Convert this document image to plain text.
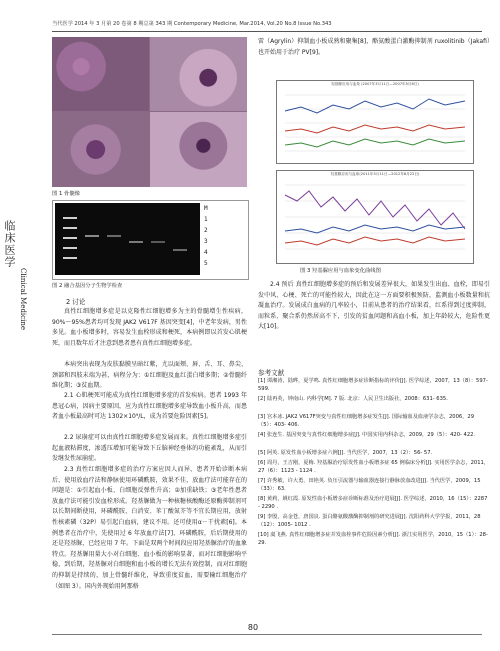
当代医学 2014 年 3 月第 20 卷第 8 期总第 343 期 Contemporary Medicine, Mar.2014, Vol.20 No.8 Issue No.343
临床医学
Clinical Medicine
图 1 骨髓像
M
1
2
3
4
5
图 2 融合基因分子生物学检查
2 讨论
真性红细胞增多症是以克隆性红细胞增多为主的骨髓增生性疾病，90%～95%患者均可发现 JAK2 V617F 基因突变[4]，中老年发病，男性多见。血小板增多时，容易发生血栓形成和梗死，本病例即以首发心肌梗死，而且数年后才注意到患者患有真性红细胞增多症。
本病突出表现为皮肤黏膜呈暗红紫，尤以面颊、唇、舌、耳、鼻尖、颈部和四肢末端为甚，病程分为：①红细胞及血红蛋白增多期；②骨髓纤维化期；③贫血期。
2.1 心肌梗死可能成为真性红细胞增多症的首发疾病。患者 1993 年患冠心病，因病主要原因，应为真性红细胞增多症导致血小板升高，而患者血小板最高时可达 1302×10⁹/L，成为首要危险因素[5]。
2.2 尿崩症可以由真性红细胞增多症发展而来。真性红细胞增多症引起血液粘滞度，渗透压增加可能导致下丘脑神经垂体的功能紊乱，从而引发继发性尿崩症。
2.3 真性红细胞增多症的治疗方案应因人而异，患者开始诊断本病后，使用放血疗法和静脉使用环磷酰胺，效果不佳，放血疗法可能存在的问题是：①引起血小板、白细胞反弹性升高；②加重缺铁；③老年性患者放血疗法可能引发血栓形成。羟基脲做为一种核糖核酸酶还原酶抑制剂可以长期间断使用，环磷酰胺、白消安、苯丁酸氮芥等不宜长期应用，放射性核素磷（32P）易引起白血病，建议不用。还可使用α－干扰素[6]。本例患者在治疗中，先使用过 6 年放血疗法[7]、环磷酰胺，后后期使用的还是羟基脲，已经应用 7 年。下面是双两个时间段应用羟基脲治疗的血象特点。羟基脲用量大小对白细胞、血小板的影响显著，而对红细胞影响平稳，到后期，羟基脲对白细胞和血小板的增长无法有效控制，而对红细胞的抑制是持续的，加上骨髓纤维化，导致重度贫血，需要输红细胞治疗（如图 3）。国内外现始用阿那格
雷（Agrylin）抑制血小板成熟和聚集[8]，酪氨酸蛋白激酶抑制剂 ruxolitinib（Jakafi）也开始用于治疗 PV[9]。
羟基脲应用与血象 (2007年3月11日—2007年5月8日)
羟基脲应用与血象(2011年5月11日—2012年8月22日)
图 3 羟基脲应用与血象变化曲线图
2.4 预后 真性红细胞增多症的预后和发展差异很大，如果发生出血、血栓，即易引发中风、心梗、死亡的可能性较大，因此在这一方面要积极预防，监测血小板数量和抗凝血治疗。发展成白血病的几率较小，目前从患者的治疗结果看，红系得到过度抑制，而粒系、聚合系仍然居高不下，引发的贫血问题和高血小板，加上年龄较大，危险性更大[10]。
参考文献
[1] 谭湘涛，陆晔，夏学鸣. 真性红细胞增多症诊断指标的评价[J]. 医学综述，2007，13（8）：597- 599.
[2] 陆再英，钟南山. 内科学[M]. 7 版. 北京：人民卫生出版社，2008：631- 635.
[3] 宫本冰. JAK2 V617F突变与真性红细胞增多症发生[J]. 国际输血及血液学杂志，2006，29（5）：403- 406.
[4] 张连生. 基因突变与真性红细胞增多症[J]. 中国实用内科杂志，2009，29（5）：420- 422.
[5] 阿英. 原发性血小板增多症六例[J]. 当代医学，2007，13（2）：56- 57.
[6] 周丹，王吉刚，夏梅. 羟基脲治疗原发性血小板增多症 65 例临床分析[J]. 实用医学杂志，2011，27（6）：1123 - 1124 .
[7] 许秀敏，许大勇，田艳英. 负压引流器与输血器连接行静脉放血改进[J]. 当代医学，2009，15（33）：63.
[8] 黄莉，姚红霞. 原发性血小板增多症诊断标准及治疗进展[J]. 医学综述，2010，16（15）：2287 - 2290 .
[9] 李殷，高金苍，唐国良. 蛋白酪氨酸激酶抑制剂的研究进展[J]. 沈阳药科大学学报，2011，28（12）：1005- 1012 .
[10] 虞飞燕. 真性红细胞增多症并发血栓事件危险因素分析[J]. 浙江实用医学，2010，15（1）：28- 29.
80
